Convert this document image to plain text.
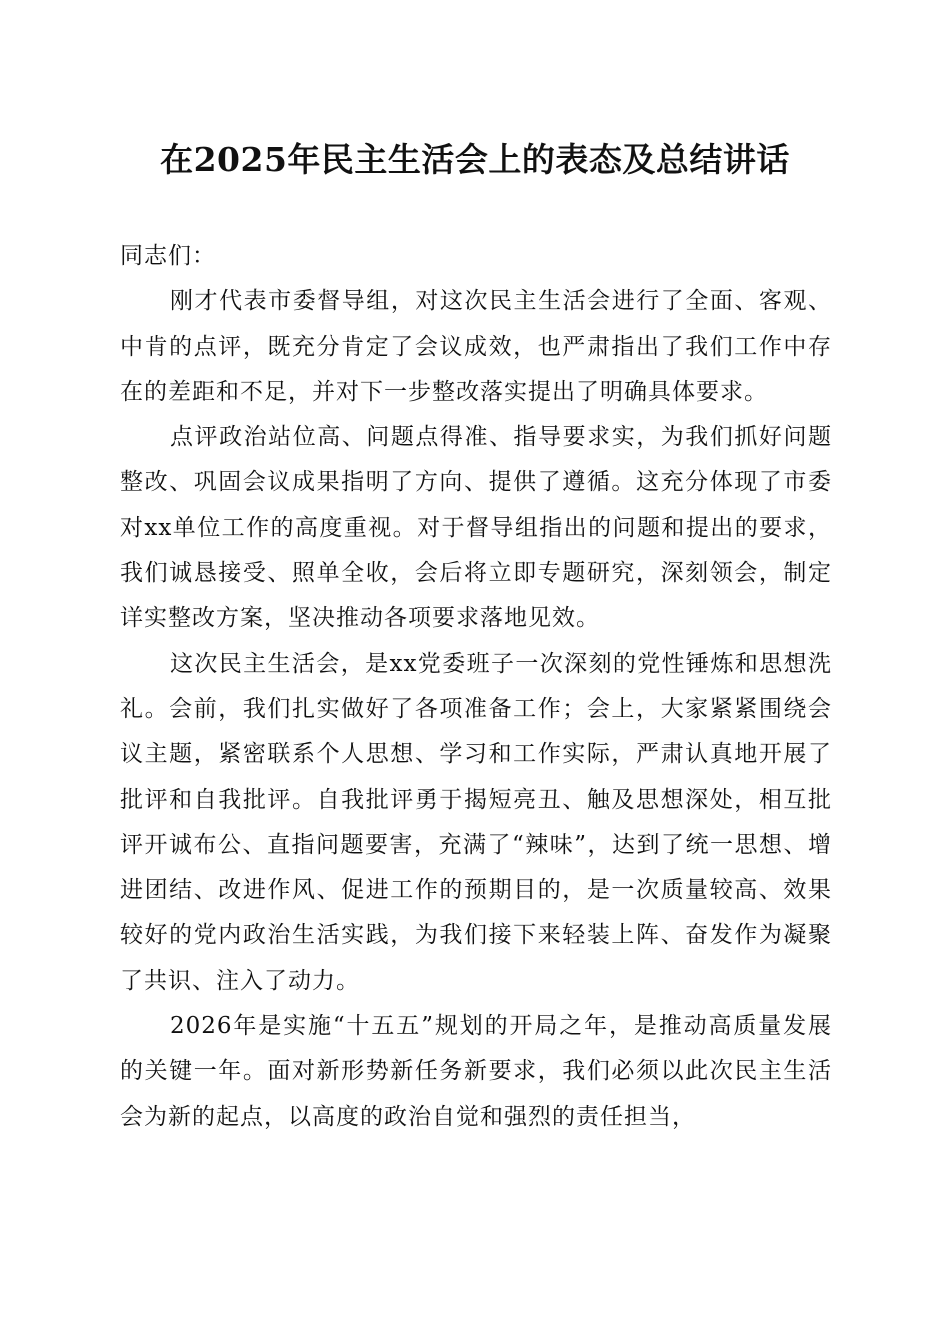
在2025年民主生活会上的表态及总结讲话

同志们：

刚才代表市委督导组，对这次民主生活会进行了全面、客观、中肯的点评，既充分肯定了会议成效，也严肃指出了我们工作中存在的差距和不足，并对下一步整改落实提出了明确具体要求。

点评政治站位高、问题点得准、指导要求实，为我们抓好问题整改、巩固会议成果指明了方向、提供了遵循。这充分体现了市委对xx单位工作的高度重视。对于督导组指出的问题和提出的要求，我们诚恳接受、照单全收，会后将立即专题研究，深刻领会，制定详实整改方案，坚决推动各项要求落地见效。

这次民主生活会，是xx党委班子一次深刻的党性锤炼和思想洗礼。会前，我们扎实做好了各项准备工作；会上，大家紧紧围绕会议主题，紧密联系个人思想、学习和工作实际，严肃认真地开展了批评和自我批评。自我批评勇于揭短亮丑、触及思想深处，相互批评开诚布公、直指问题要害，充满了“辣味”，达到了统一思想、增进团结、改进作风、促进工作的预期目的，是一次质量较高、效果较好的党内政治生活实践，为我们接下来轻装上阵、奋发作为凝聚了共识、注入了动力。

2026年是实施“十五五”规划的开局之年，是推动高质量发展的关键一年。面对新形势新任务新要求，我们必须以此次民主生活会为新的起点，以高度的政治自觉和强烈的责任担当，
